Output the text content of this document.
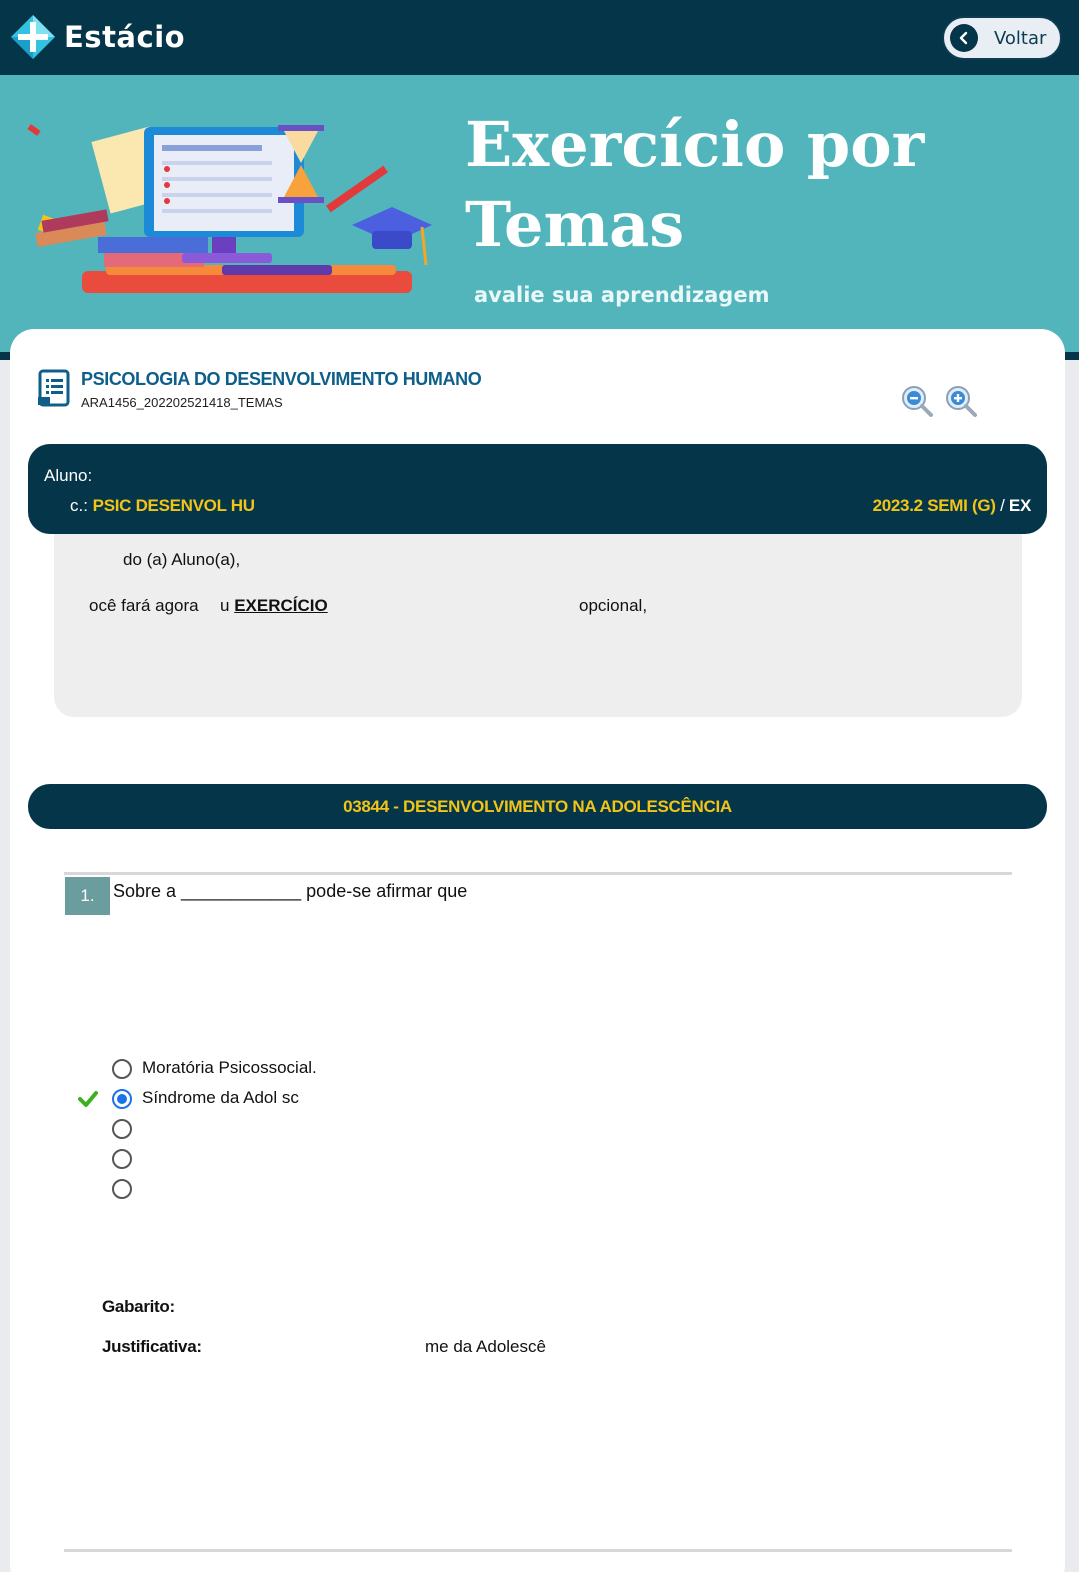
Estácio	Voltar
Exercício por
Temas
avalie sua aprendizagem
PSICOLOGIA DO DESENVOLVIMENTO HUMANO
ARA1456_202202521418_TEMAS
Aluno:
c.: PSIC DESENVOL HU	2023.2 SEMI (G) / EX
do (a) Aluno(a),
ocê fará agora u EXERCÍCIO	opcional,
03844 - DESENVOLVIMENTO NA ADOLESCÊNCIA
1.	Sobre a ____________ pode-se afirmar que
Moratória Psicossocial.
Síndrome da Adol sc
Gabarito:
Justificativa:	me da Adolescê
